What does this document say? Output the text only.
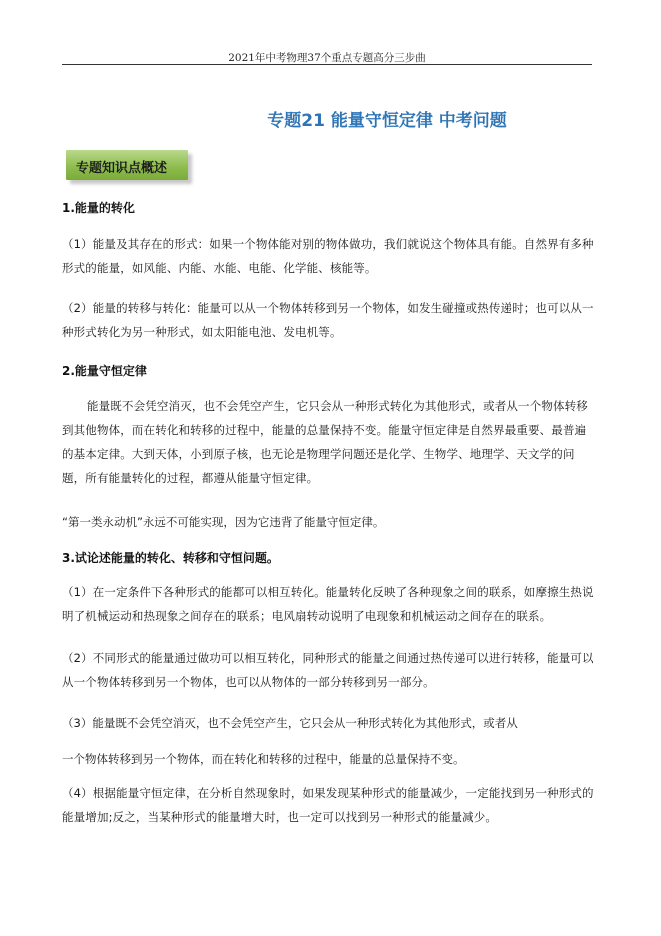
2021年中考物理37个重点专题高分三步曲
专题21 能量守恒定律 中考问题
专题知识点概述
1.能量的转化
（1）能量及其存在的形式：如果一个物体能对别的物体做功，我们就说这个物体具有能。自然界有多种形式的能量，如风能、内能、水能、电能、化学能、核能等。
（2）能量的转移与转化：能量可以从一个物体转移到另一个物体，如发生碰撞或热传递时；也可以从一种形式转化为另一种形式，如太阳能电池、发电机等。
2.能量守恒定律
能量既不会凭空消灭，也不会凭空产生，它只会从一种形式转化为其他形式，或者从一个物体转移到其他物体，而在转化和转移的过程中，能量的总量保持不变。能量守恒定律是自然界最重要、最普遍的基本定律。大到天体，小到原子核，也无论是物理学问题还是化学、生物学、地理学、天文学的问题，所有能量转化的过程，都遵从能量守恒定律。
“第一类永动机”永远不可能实现，因为它违背了能量守恒定律。
3.试论述能量的转化、转移和守恒问题。
（1）在一定条件下各种形式的能都可以相互转化。能量转化反映了各种现象之间的联系，如摩擦生热说明了机械运动和热现象之间存在的联系；电风扇转动说明了电现象和机械运动之间存在的联系。
（2）不同形式的能量通过做功可以相互转化，同种形式的能量之间通过热传递可以进行转移，能量可以从一个物体转移到另一个物体，也可以从物体的一部分转移到另一部分。
（3）能量既不会凭空消灭，也不会凭空产生，它只会从一种形式转化为其他形式，或者从
一个物体转移到另一个物体，而在转化和转移的过程中，能量的总量保持不变。
（4）根据能量守恒定律，在分析自然现象时，如果发现某种形式的能量减少，一定能找到另一种形式的能量增加;反之，当某种形式的能量增大时，也一定可以找到另一种形式的能量减少。
